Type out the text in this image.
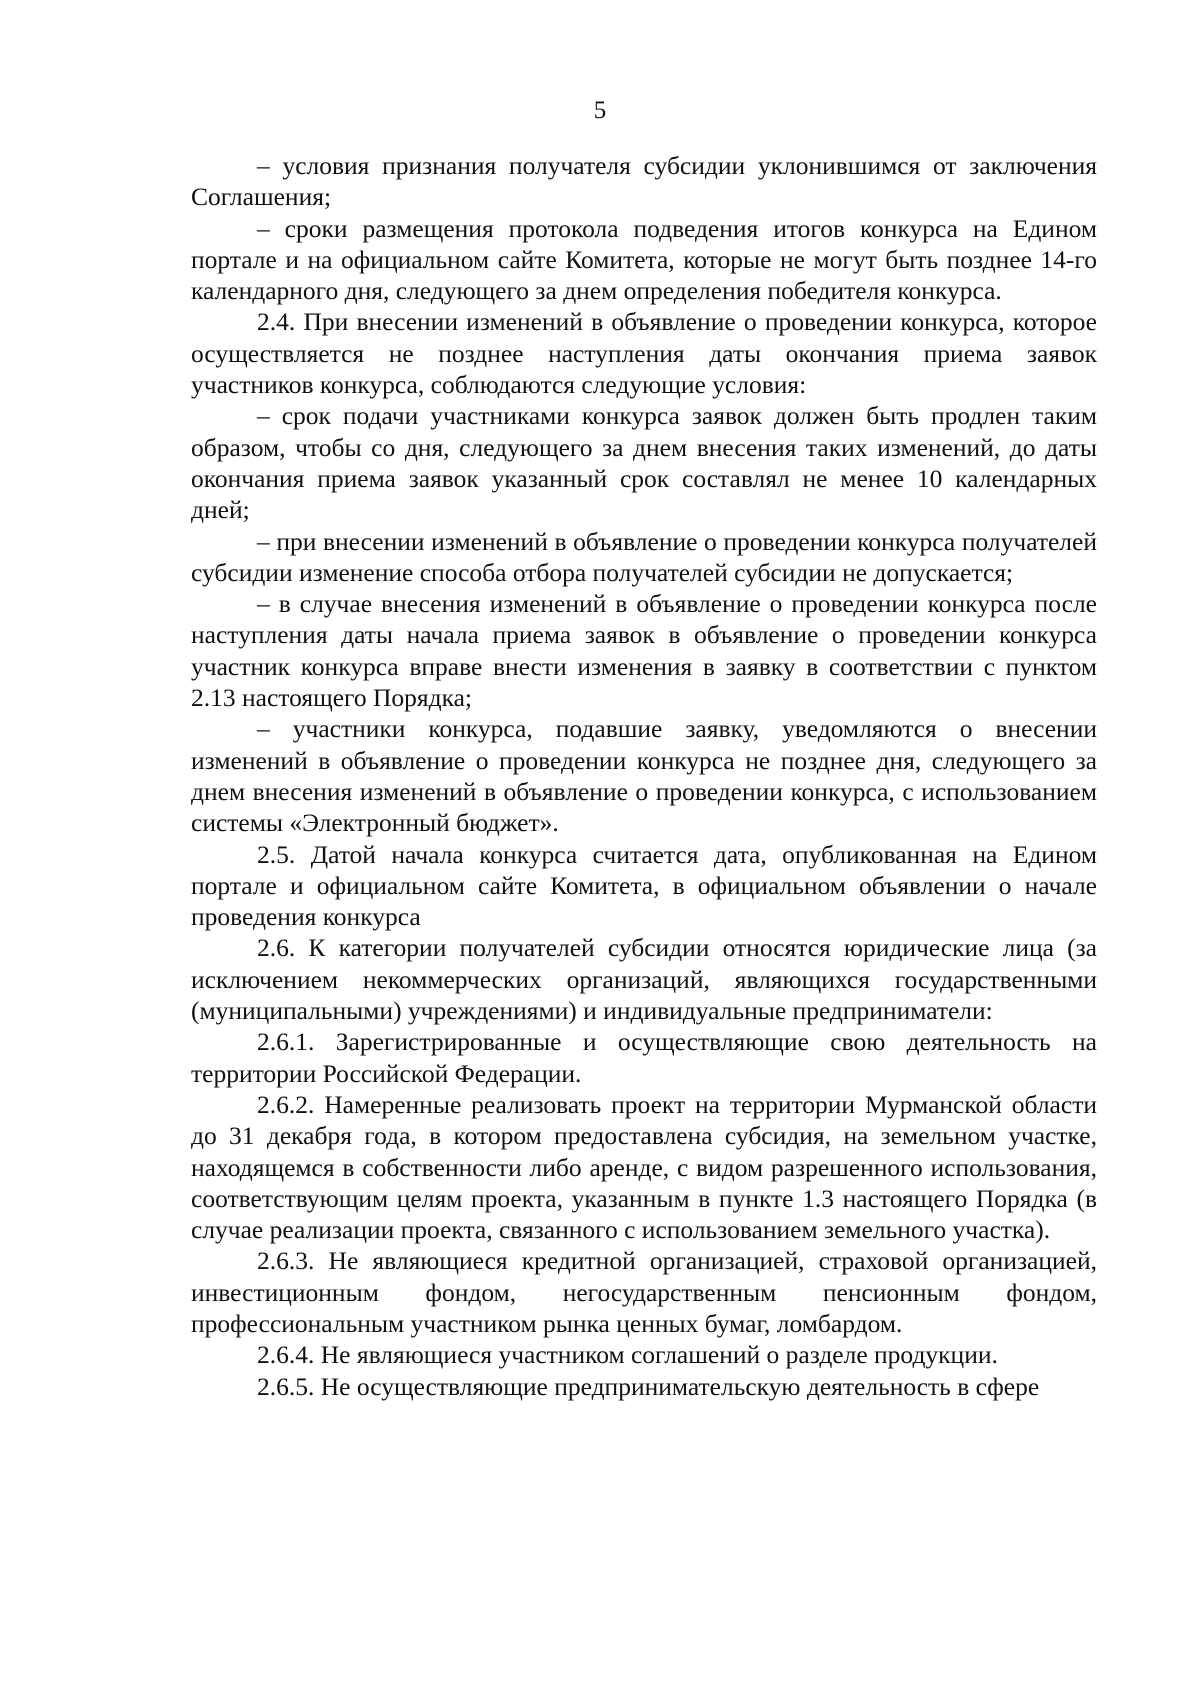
5

– условия признания получателя субсидии уклонившимся от заключения Соглашения;

– сроки размещения протокола подведения итогов конкурса на Едином портале и на официальном сайте Комитета, которые не могут быть позднее 14-го календарного дня, следующего за днем определения победителя конкурса.

2.4. При внесении изменений в объявление о проведении конкурса, которое осуществляется не позднее наступления даты окончания приема заявок участников конкурса, соблюдаются следующие условия:

– срок подачи участниками конкурса заявок должен быть продлен таким образом, чтобы со дня, следующего за днем внесения таких изменений, до даты окончания приема заявок указанный срок составлял не менее 10 календарных дней;

– при внесении изменений в объявление о проведении конкурса получателей субсидии изменение способа отбора получателей субсидии не допускается;

– в случае внесения изменений в объявление о проведении конкурса после наступления даты начала приема заявок в объявление о проведении конкурса участник конкурса вправе внести изменения в заявку в соответствии с пунктом 2.13 настоящего Порядка;

– участники конкурса, подавшие заявку, уведомляются о внесении изменений в объявление о проведении конкурса не позднее дня, следующего за днем внесения изменений в объявление о проведении конкурса, с использованием системы «Электронный бюджет».

2.5. Датой начала конкурса считается дата, опубликованная на Едином портале и официальном сайте Комитета, в официальном объявлении о начале проведения конкурса

2.6. К категории получателей субсидии относятся юридические лица (за исключением некоммерческих организаций, являющихся государственными (муниципальными) учреждениями) и индивидуальные предприниматели:

2.6.1. Зарегистрированные и осуществляющие свою деятельность на территории Российской Федерации.

2.6.2. Намеренные реализовать проект на территории Мурманской области до 31 декабря года, в котором предоставлена субсидия, на земельном участке, находящемся в собственности либо аренде, с видом разрешенного использования, соответствующим целям проекта, указанным в пункте 1.3 настоящего Порядка (в случае реализации проекта, связанного с использованием земельного участка).

2.6.3. Не являющиеся кредитной организацией, страховой организацией, инвестиционным фондом, негосударственным пенсионным фондом, профессиональным участником рынка ценных бумаг, ломбардом.

2.6.4. Не являющиеся участником соглашений о разделе продукции.

2.6.5. Не осуществляющие предпринимательскую деятельность в сфере
